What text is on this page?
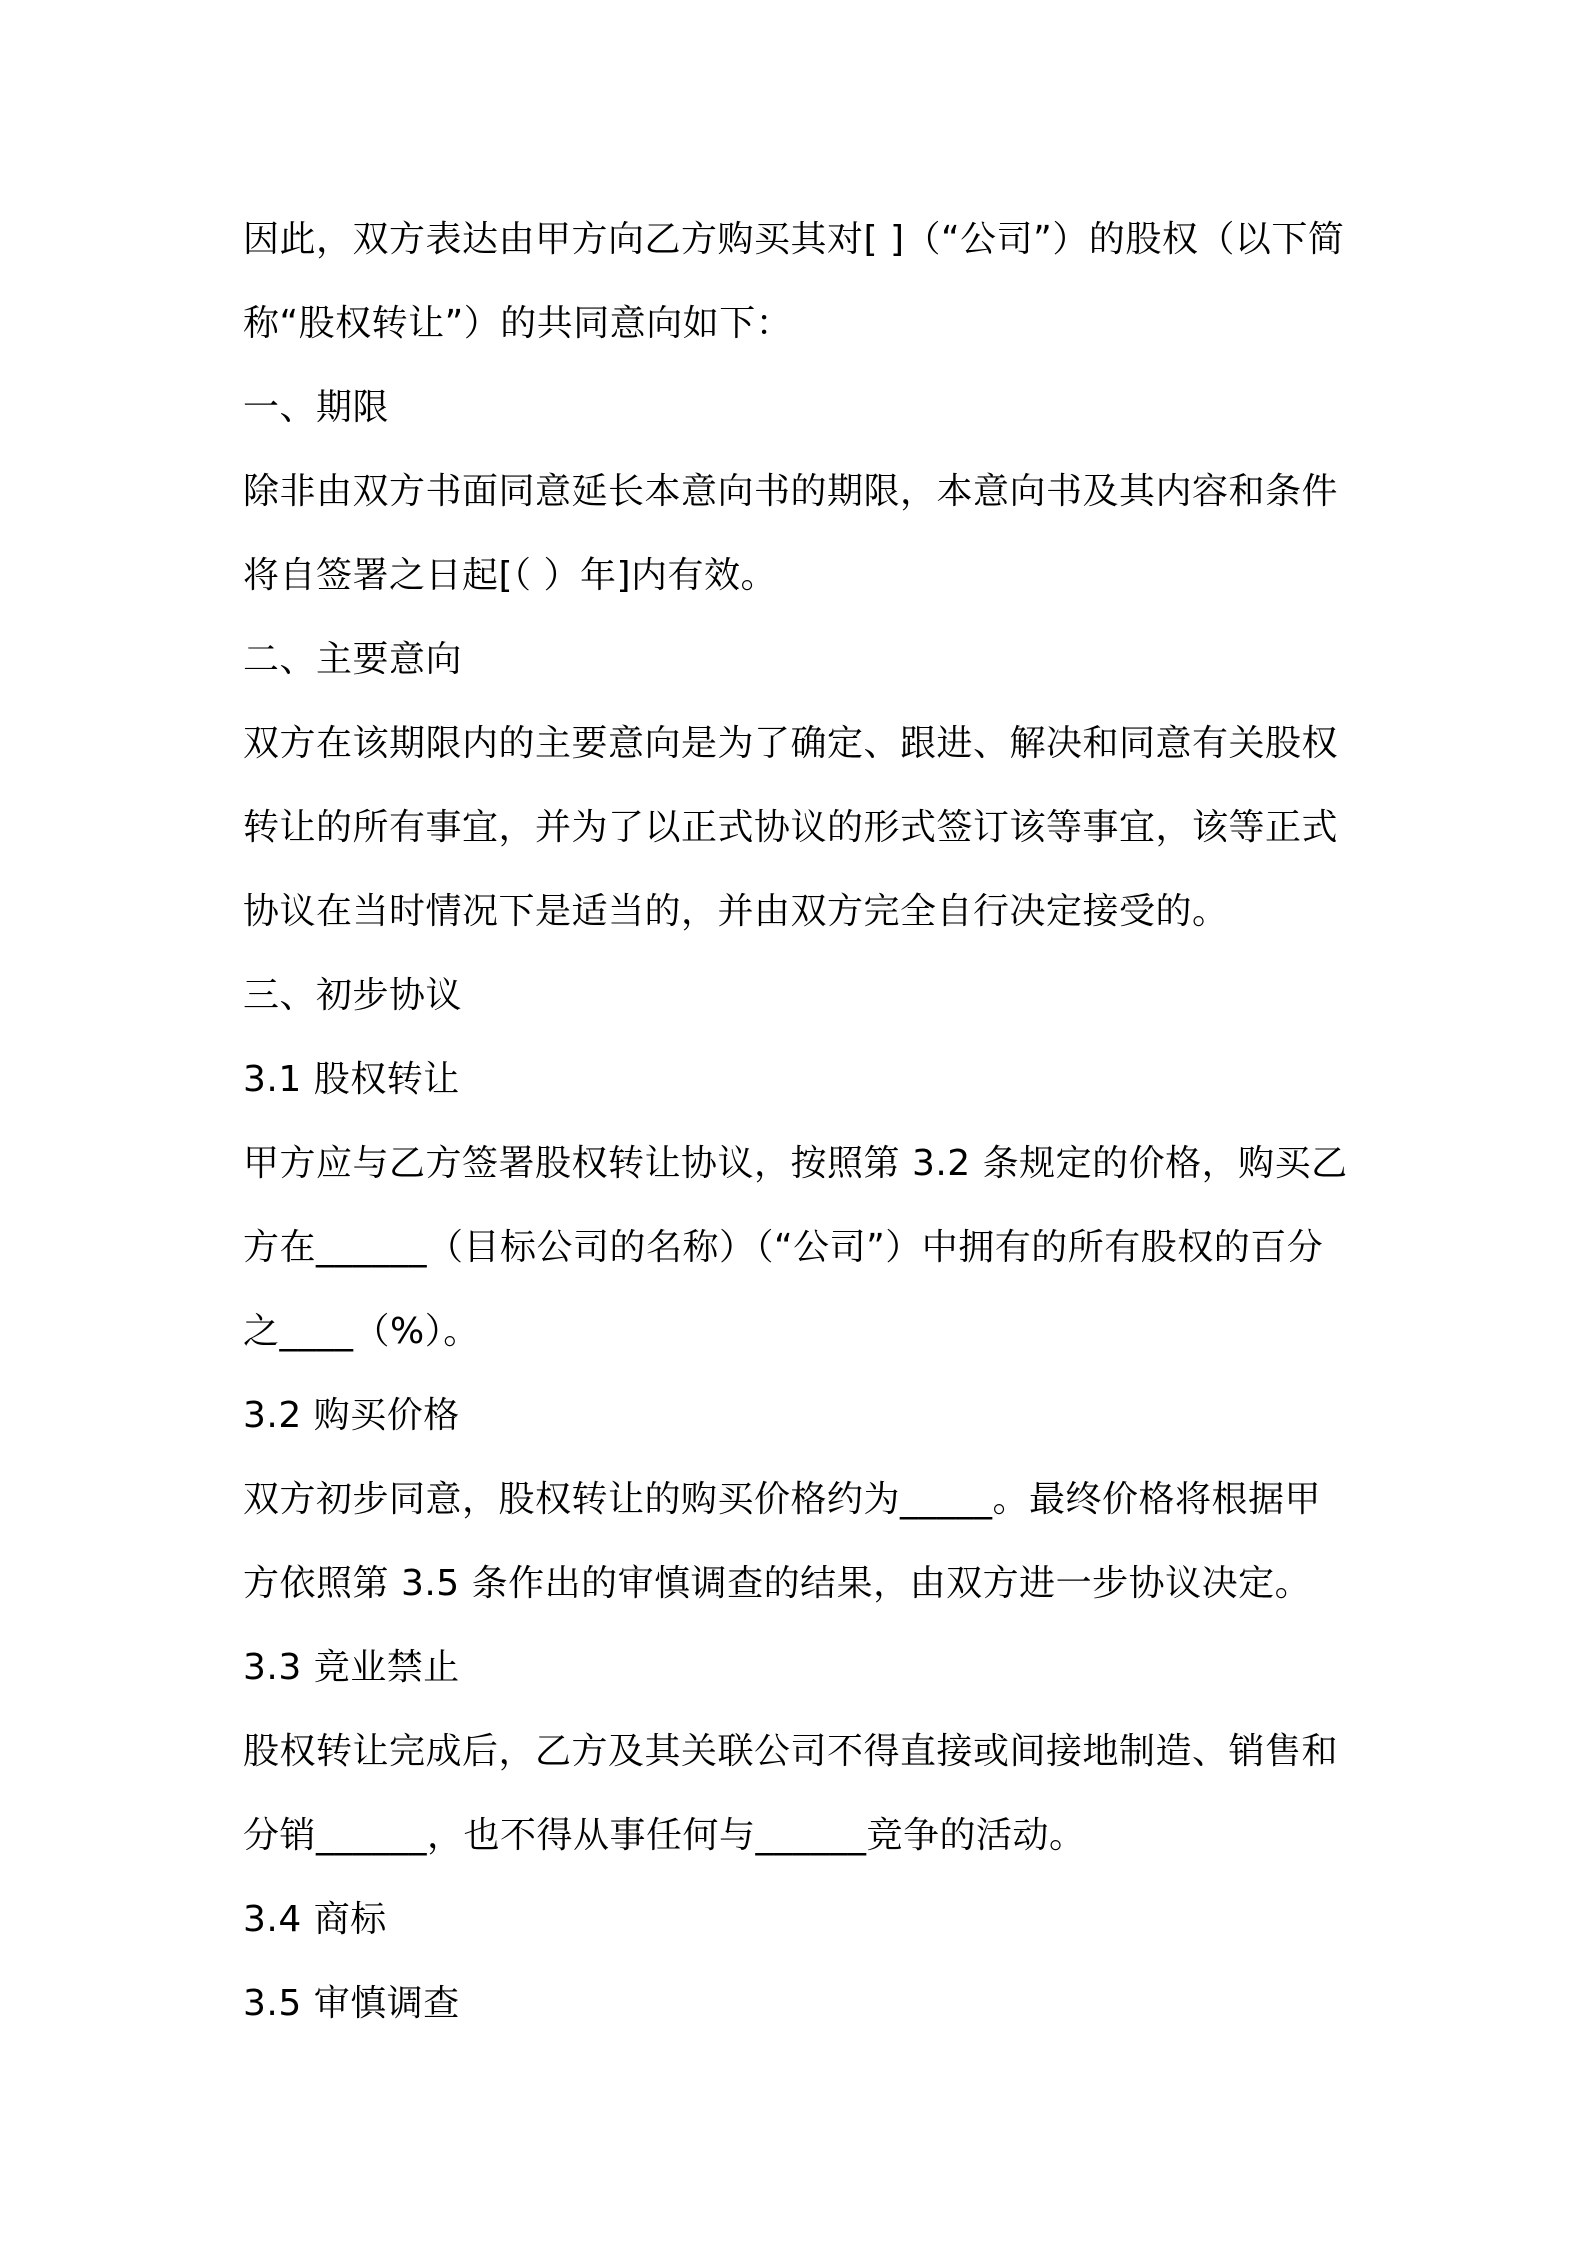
因此，双方表达由甲方向乙方购买其对[ ]（“公司”）的股权（以下简

称“股权转让”）的共同意向如下：

一、期限

除非由双方书面同意延长本意向书的期限，本意向书及其内容和条件

将自签署之日起[（ ）年]内有效。

二、主要意向

双方在该期限内的主要意向是为了确定、跟进、解决和同意有关股权

转让的所有事宜，并为了以正式协议的形式签订该等事宜，该等正式

协议在当时情况下是适当的，并由双方完全自行决定接受的。

三、初步协议

3.1 股权转让

甲方应与乙方签署股权转让协议，按照第 3.2 条规定的价格，购买乙

方在______（目标公司的名称）（“公司”）中拥有的所有股权的百分

之____（%）。

3.2 购买价格

双方初步同意，股权转让的购买价格约为_____。最终价格将根据甲

方依照第 3.5 条作出的审慎调查的结果，由双方进一步协议决定。

3.3 竞业禁止

股权转让完成后，乙方及其关联公司不得直接或间接地制造、销售和

分销______，也不得从事任何与______竞争的活动。

3.4 商标

3.5 审慎调查
